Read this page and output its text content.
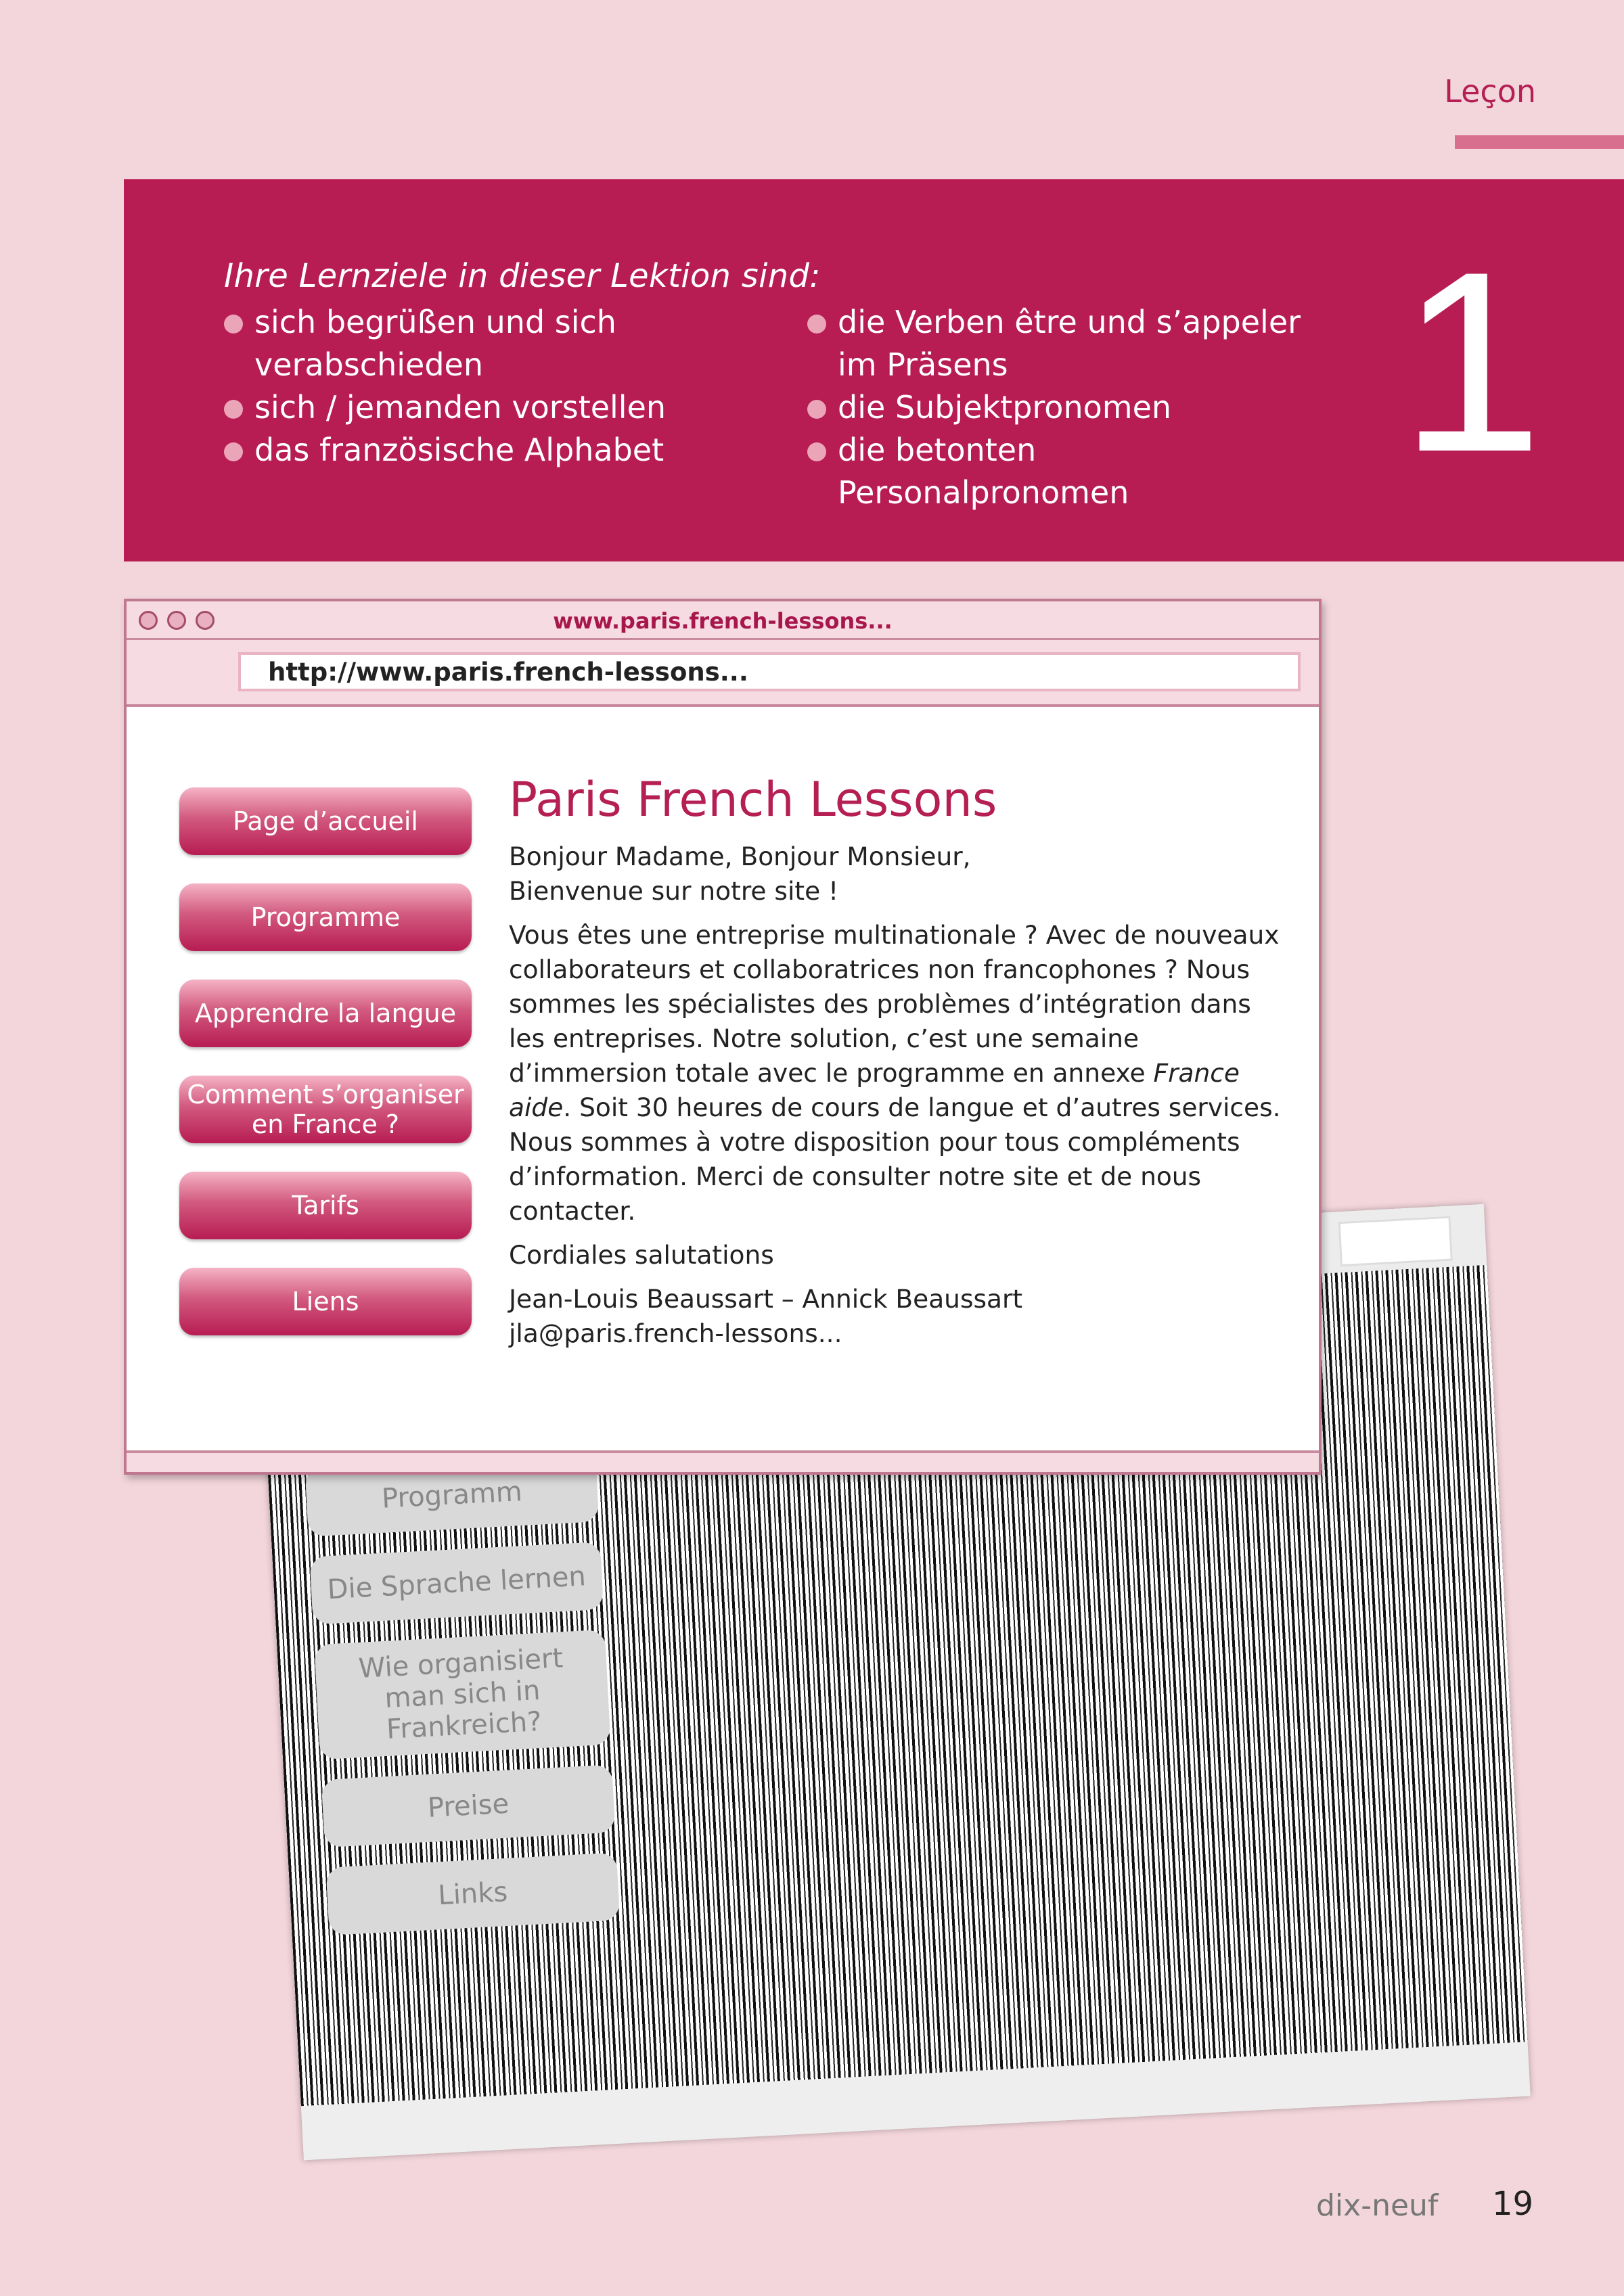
Leçon
Ihre Lernziele in dieser Lektion sind:
sich begrüßen und sich verabschieden
sich / jemanden vorstellen
das französische Alphabet
die Verben être und s’appeler im Präsens
die Subjektpronomen
die betonten Personalpronomen	1
Programm
Die Sprache lernen
Wie organisiert man sich in Frankreich?
Preise
Links
www.paris.french-lessons...
http://www.paris.french-lessons...
Page d’accueil
Programme
Apprendre la langue
Comment s’organiser en France ?
Tarifs
Liens
Paris French Lessons

Bonjour Madame, Bonjour Monsieur,
Bienvenue sur notre site !

Vous êtes une entreprise multinationale ? Avec de nouveaux collaborateurs et collaboratrices non francophones ? Nous sommes les spécialistes des problèmes d’intégration dans les entreprises. Notre solution, c’est une semaine d’immersion totale avec le programme en annexe France aide. Soit 30 heures de cours de langue et d’autres services. Nous sommes à votre disposition pour tous compléments d’information. Merci de consulter notre site et de nous contacter.

Cordiales salutations

Jean-Louis Beaussart – Annick Beaussart
jla@paris.french-lessons...

dix-neuf 19
